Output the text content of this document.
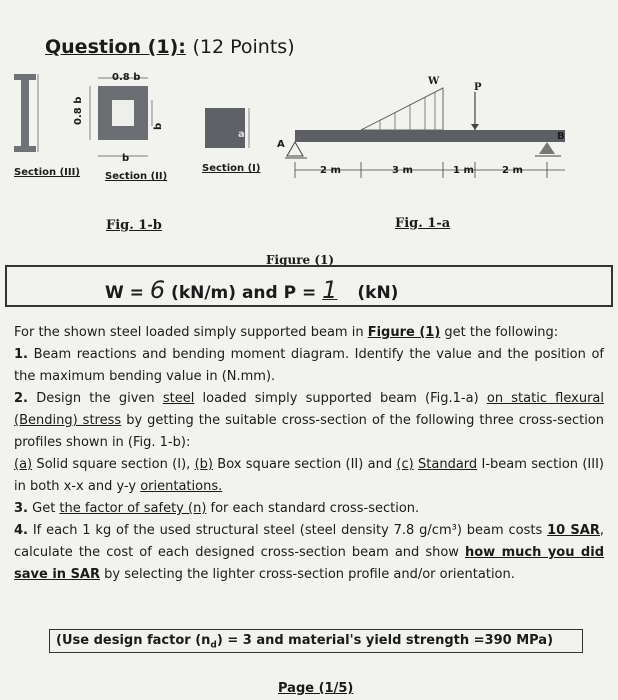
Question (1): (12 Points)
0.8 b
0.8 b
b
b
a
Section (III)	Section (II)
Section (I)
W
P
A
B
2 m	3 m	1 m	2 m
Fig. 1-b	Fig. 1-a
Figure (1)
W = 6 (kN/m) and P = 1 (kN)

For the shown steel loaded simply supported beam in Figure (1) get the following:

1. Beam reactions and bending moment diagram. Identify the value and the position of the maximum bending value in (N.mm).

2. Design the given steel loaded simply supported beam (Fig.1-a) on static flexural (Bending) stress by getting the suitable cross-section of the following three cross-section profiles shown in (Fig. 1-b):

(a) Solid square section (I), (b) Box square section (II) and (c) Standard I-beam section (III) in both x-x and y-y orientations.

3. Get the factor of safety (n) for each standard cross-section.

4. If each 1 kg of the used structural steel (steel density 7.8 g/cm³) beam costs 10 SAR, calculate the cost of each designed cross-section beam and show how much you did save in SAR by selecting the lighter cross-section profile and/or orientation.

(Use design factor $(n_d) = 3$ and material's yield strength =390 MPa)
Page (1/5)
